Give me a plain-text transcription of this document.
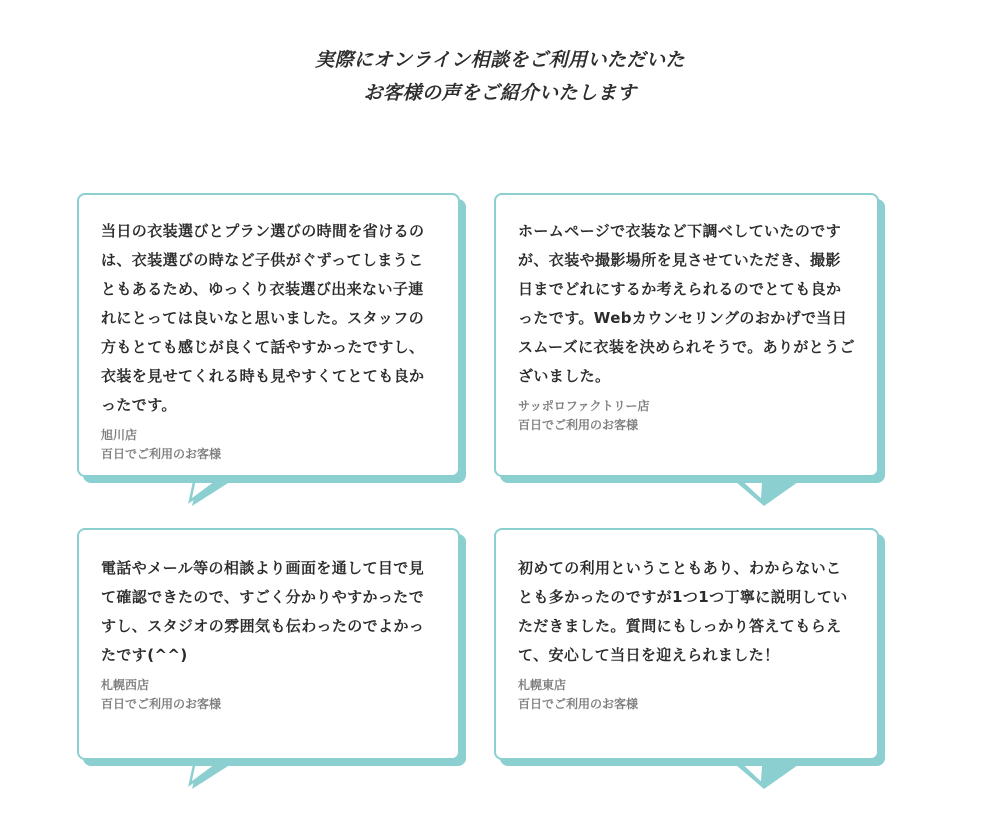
実際にオンライン相談をご利用いただいた
お客様の声をご紹介いたします

当日の衣装選びとプラン選びの時間を省けるのは、衣装選びの時など子供がぐずってしまうこともあるため、ゆっくり衣装選び出来ない子連れにとっては良いなと思いました。スタッフの方もとても感じが良くて話やすかったですし、衣装を見せてくれる時も見やすくてとても良かったです。

旭川店
百日でご利用のお客様

ホームページで衣装など下調べしていたのですが、衣装や撮影場所を見させていただき、撮影日までどれにするか考えられるのでとても良かったです。Webカウンセリングのおかげで当日スムーズに衣装を決められそうで。ありがとうございました。

サッポロファクトリー店
百日でご利用のお客様

電話やメール等の相談より画面を通して目で見て確認できたので、すごく分かりやすかったですし、スタジオの雰囲気も伝わったのでよかったです(^^)

札幌西店
百日でご利用のお客様

初めての利用ということもあり、わからないことも多かったのですが1つ1つ丁寧に説明していただきました。質問にもしっかり答えてもらえて、安心して当日を迎えられました！

札幌東店
百日でご利用のお客様
